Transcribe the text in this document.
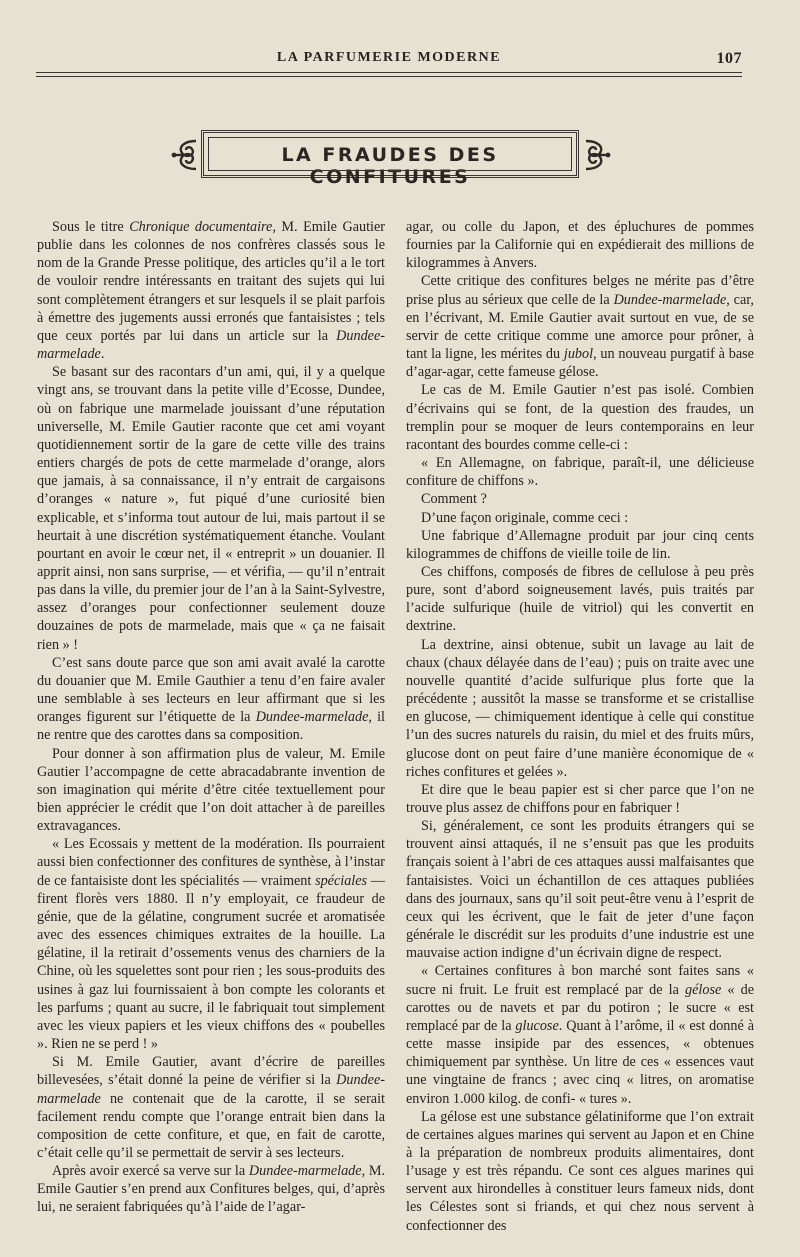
LA PARFUMERIE MODERNE	107
LA FRAUDES DES CONFITURES

Sous le titre Chronique documentaire, M. Emile Gautier publie dans les colonnes de nos confrères classés sous le nom de la Grande Presse politique, des articles qu’il a le tort de vouloir rendre intéressants en traitant des sujets qui lui sont complètement étrangers et sur lesquels il se plait parfois à émettre des jugements aussi erronés que fantaisistes ; tels que ceux portés par lui dans un article sur la Dundee-marmelade.

Se basant sur des racontars d’un ami, qui, il y a quelque vingt ans, se trouvant dans la petite ville d’Ecosse, Dundee, où on fabrique une marmelade jouissant d’une réputation universelle, M. Emile Gautier raconte que cet ami voyant quotidiennement sortir de la gare de cette ville des trains entiers chargés de pots de cette marmelade d’orange, alors que jamais, à sa connaissance, il n’y entrait de cargaisons d’oranges « nature », fut piqué d’une curiosité bien explicable, et s’informa tout autour de lui, mais partout il se heurtait à une discrétion systématiquement étanche. Voulant pourtant en avoir le cœur net, il « entreprit » un douanier. Il apprit ainsi, non sans surprise, — et vérifia, — qu’il n’entrait pas dans la ville, du premier jour de l’an à la Saint-Sylvestre, assez d’oranges pour confectionner seulement douze douzaines de pots de marmelade, mais que « ça ne faisait rien » !

C’est sans doute parce que son ami avait avalé la carotte du douanier que M. Emile Gauthier a tenu d’en faire avaler une semblable à ses lecteurs en leur affirmant que si les oranges figurent sur l’étiquette de la Dundee-marmelade, il ne rentre que des carottes dans sa composition.

Pour donner à son affirmation plus de valeur, M. Emile Gautier l’accompagne de cette abracadabrante invention de son imagination qui mérite d’être citée textuellement pour bien apprécier le crédit que l’on doit attacher à de pareilles extravagances.

« Les Ecossais y mettent de la modération. Ils pourraient aussi bien confectionner des confitures de synthèse, à l’instar de ce fantaisiste dont les spécialités — vraiment spéciales — firent florès vers 1880. Il n’y employait, ce fraudeur de génie, que de la gélatine, congrument sucrée et aromatisée avec des essences chimiques extraites de la houille. La gélatine, il la retirait d’ossements venus des charniers de la Chine, où les squelettes sont pour rien ; les sous-produits des usines à gaz lui fournissaient à bon compte les colorants et les parfums ; quant au sucre, il le fabriquait tout simplement avec les vieux papiers et les vieux chiffons des « poubelles ». Rien ne se perd ! »

Si M. Emile Gautier, avant d’écrire de pareilles billevesées, s’était donné la peine de vérifier si la Dundee-marmelade ne contenait que de la carotte, il se serait facilement rendu compte que l’orange entrait bien dans la composition de cette confiture, et que, en fait de carotte, c’était celle qu’il se permettait de servir à ses lecteurs.

Après avoir exercé sa verve sur la Dundee-marmelade, M. Emile Gautier s’en prend aux Confitures belges, qui, d’après lui, ne seraient fabriquées qu’à l’aide de l’agar-

agar, ou colle du Japon, et des épluchures de pommes fournies par la Californie qui en expédierait des millions de kilogrammes à Anvers.

Cette critique des confitures belges ne mérite pas d’être prise plus au sérieux que celle de la Dundee-marmelade, car, en l’écrivant, M. Emile Gautier avait surtout en vue, de se servir de cette critique comme une amorce pour prôner, à tant la ligne, les mérites du jubol, un nouveau purgatif à base d’agar-agar, cette fameuse gélose.

Le cas de M. Emile Gautier n’est pas isolé. Combien d’écrivains qui se font, de la question des fraudes, un tremplin pour se moquer de leurs contemporains en leur racontant des bourdes comme celle-ci :

« En Allemagne, on fabrique, paraît-il, une délicieuse confiture de chiffons ».

Comment ?

D’une façon originale, comme ceci :

Une fabrique d’Allemagne produit par jour cinq cents kilogrammes de chiffons de vieille toile de lin.

Ces chiffons, composés de fibres de cellulose à peu près pure, sont d’abord soigneusement lavés, puis traités par l’acide sulfurique (huile de vitriol) qui les convertit en dextrine.

La dextrine, ainsi obtenue, subit un lavage au lait de chaux (chaux délayée dans de l’eau) ; puis on traite avec une nouvelle quantité d’acide sulfurique plus forte que la précédente ; aussitôt la masse se transforme et se cristallise en glucose, — chimiquement identique à celle qui constitue l’un des sucres naturels du raisin, du miel et des fruits mûrs, glucose dont on peut faire d’une manière économique de « riches confitures et gelées ».

Et dire que le beau papier est si cher parce que l’on ne trouve plus assez de chiffons pour en fabriquer !

Si, généralement, ce sont les produits étrangers qui se trouvent ainsi attaqués, il ne s’ensuit pas que les produits français soient à l’abri de ces attaques aussi malfaisantes que fantaisistes. Voici un échantillon de ces attaques publiées dans des journaux, sans qu’il soit peut-être venu à l’esprit de ceux qui les écrivent, que le fait de jeter d’une façon générale le discrédit sur les produits d’une industrie est une mauvaise action indigne d’un écrivain digne de respect.

« Certaines confitures à bon marché sont faites sans « sucre ni fruit. Le fruit est remplacé par de la gélose « de carottes ou de navets et par du potiron ; le sucre « est remplacé par de la glucose. Quant à l’arôme, il « est donné à cette masse insipide par des essences, « obtenues chimiquement par synthèse. Un litre de ces « essences vaut une vingtaine de francs ; avec cinq « litres, on aromatise environ 1.000 kilog. de confi- « tures ».

La gélose est une substance gélatiniforme que l’on extrait de certaines algues marines qui servent au Japon et en Chine à la préparation de nombreux produits alimentaires, dont l’usage y est très répandu. Ce sont ces algues marines qui servent aux hirondelles à constituer leurs fameux nids, dont les Célestes sont si friands, et qui chez nous servent à confectionner des
